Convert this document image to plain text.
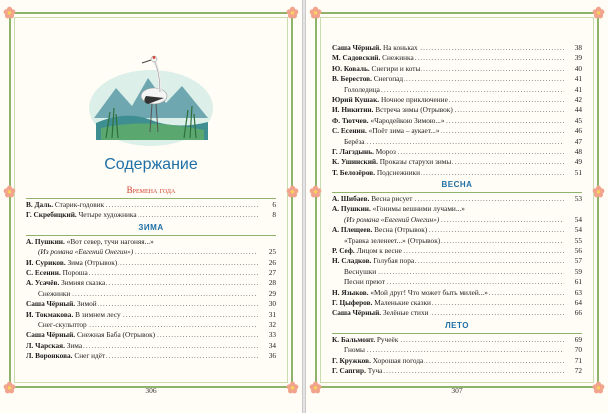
Содержание
Времена года
В. Даль. Старик-годовик . . .	6
Г. Скребицкий. Четыре художника . . .	8
ЗИМА
А. Пушкин. «Вот север, тучи нагоняя...»
(Из романа «Евгений Онегин») . . .	25
И. Суриков. Зима (Отрывок) . . .	26
С. Есенин. Пороша . . .	27
А. Усачёв. Зимняя сказка . . .	28
Снежинки . . .	29
Саша Чёрный. Зимой . . .	30
И. Токмакова. В зимнем лесу . . .	31
Снег-скульптор . . .	32
Саша Чёрный. Снежная Баба (Отрывок) . . .	33
Л. Чарская. Зима . . .	34
Л. Воронкова. Снег идёт . . .	36
306
Саша Чёрный. На коньках . . .	38
М. Садовский. Снежинка . . .	39
Ю. Коваль. Снегири и коты . . .	40
В. Берестов. Снегопад . . .	41
Гололедица . . .	41
Юрий Кушак. Ночное приключение . . .	42
И. Никитин. Встреча зимы (Отрывок) . . .	44
Ф. Тютчев. «Чародейкою Зимою...» . . .	45
С. Есенин. «Поёт зима – аукает...» . . .	46
Берёза . . .	47
Г. Лагздынь. Мороз . . .	48
К. Ушинский. Проказы старухи зимы . . .	49
Т. Белозёров. Подснежники . . .	51
ВЕСНА
А. Шибаев. Весна рисует . . .	53
А. Пушкин. «Гонимы вешними лучами...»
(Из романа «Евгений Онегин») . . .	54
А. Плещеев. Весна (Отрывок) . . .	54
«Травка зеленеет...» (Отрывок) . . .	55
Р. Сеф. Лицом к весне . . .	56
Н. Сладков. Голубая пора . . .	57
Веснушки . . .	59
Песни преют . . .	61
Н. Языков. «Мой друг! Что может быть милей...» . . .	63
Г. Цыферов. Маленькие сказки . . .	64
Саша Чёрный. Зелёные стихи . . .	66
ЛЕТО
К. Бальмонт. Ручеёк . . .	69
Гномы . . .	70
Г. Кружков. Хорошая погода . . .	71
Г. Сапгир. Туча . . .	72
307
